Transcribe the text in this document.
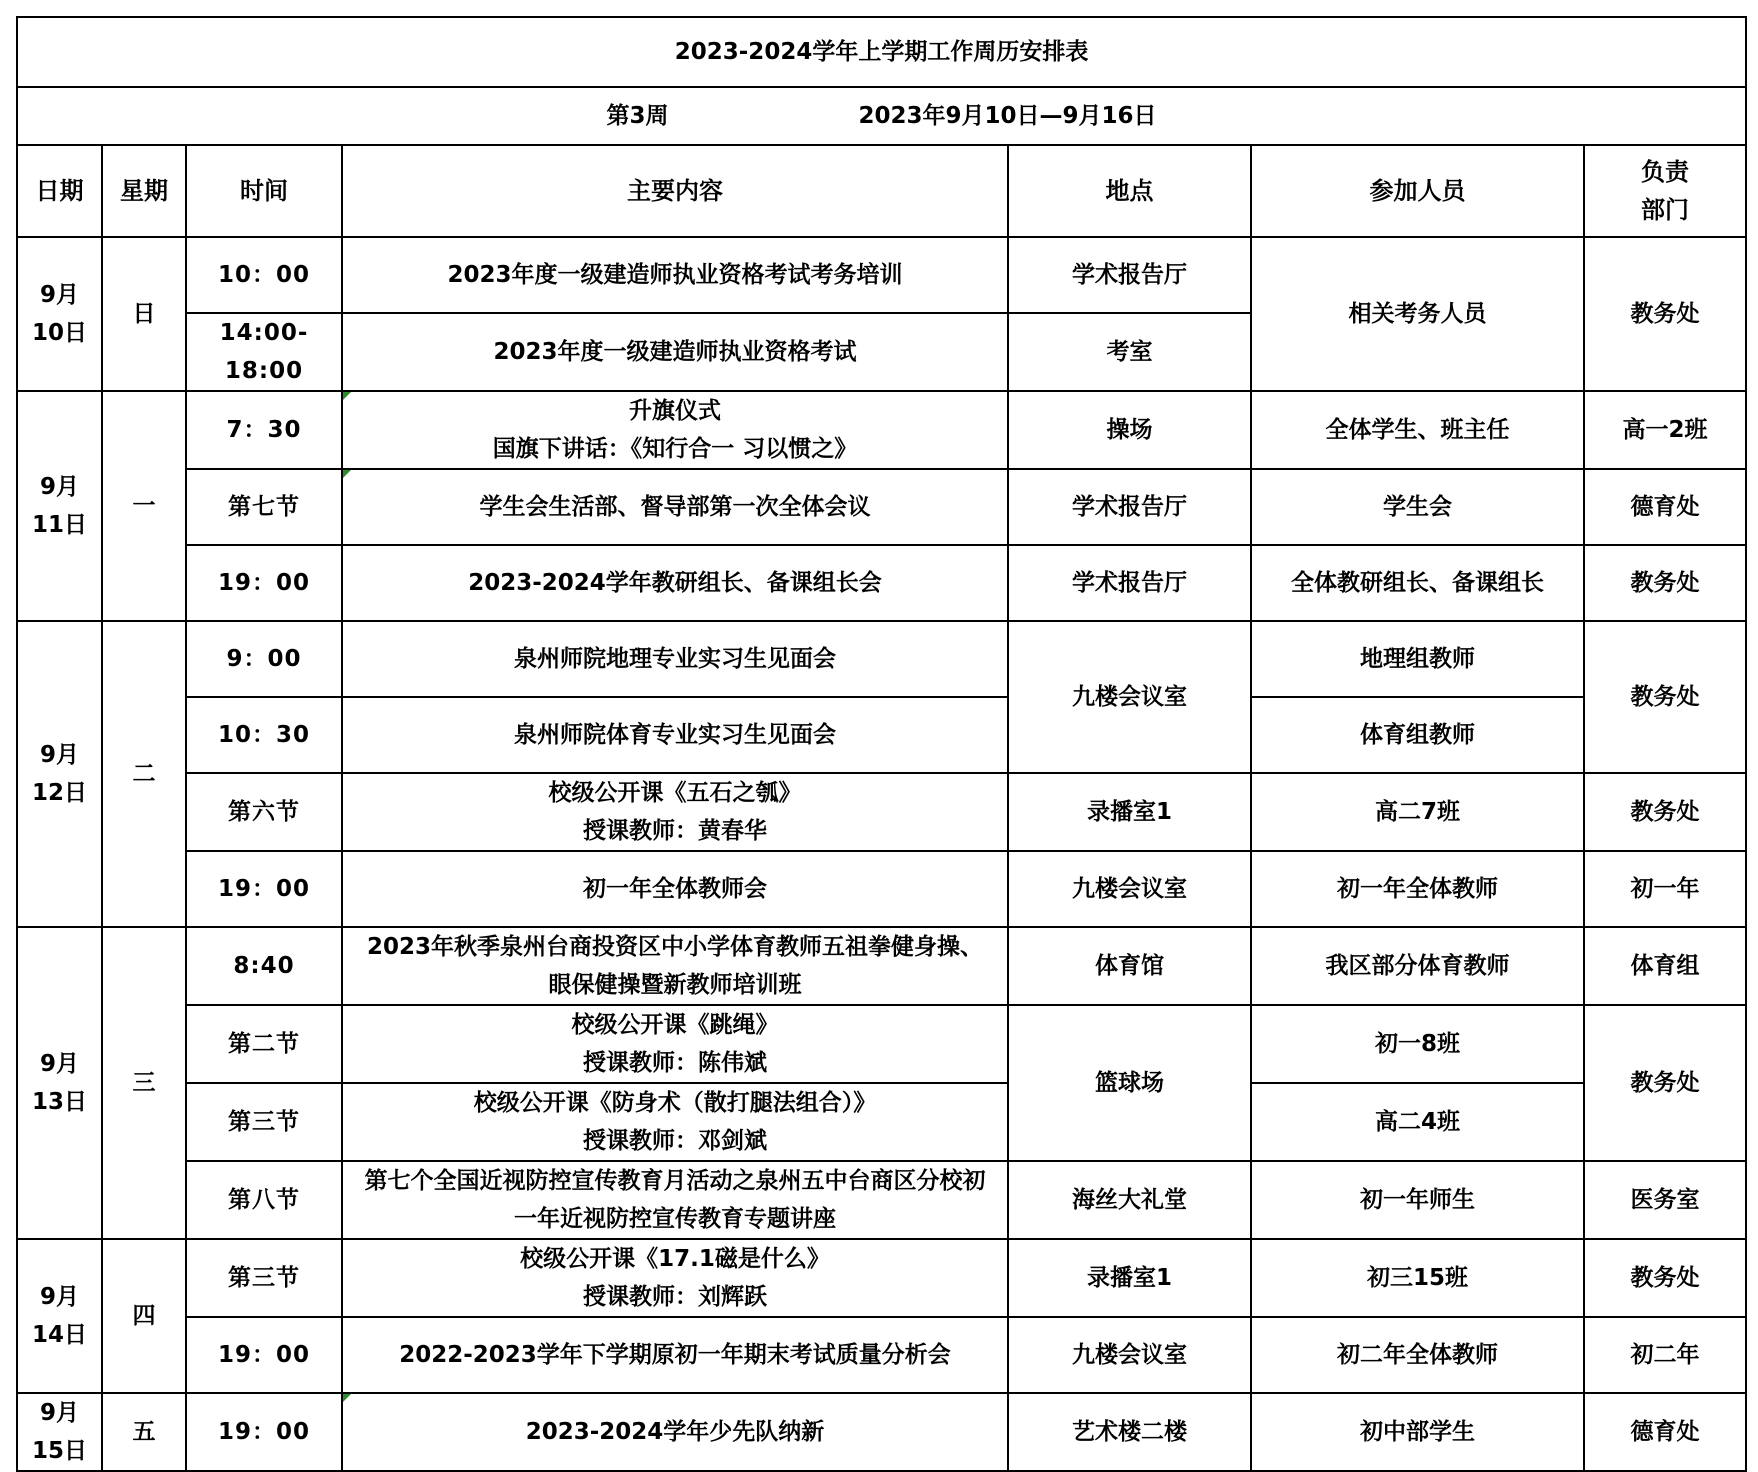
2023-2024学年上学期工作周历安排表						
第3周 2023年9月10日—9月16日						
日期	星期	时间	主要内容	地点	参加人员	负责
部门

9月
10日	日	10：00	2023年度一级建造师执业资格考试考务培训	学术报告厅	相关考务人员	教务处
		14:00-18:00	2023年度一级建造师执业资格考试	考室		

9月
11日	一	7：30	升旗仪式
国旗下讲话：《知行合一 习以惯之》	操场	全体学生、班主任	高一2班
		第七节	学生会生活部、督导部第一次全体会议	学术报告厅	学生会	德育处
		19：00	2023-2024学年教研组长、备课组长会	学术报告厅	全体教研组长、备课组长	教务处

9月
12日	二	9：00	泉州师院地理专业实习生见面会	九楼会议室	地理组教师	教务处
		10：30	泉州师院体育专业实习生见面会		体育组教师	
		第六节	校级公开课《五石之瓠》
授课教师：黄春华	录播室1	高二7班	教务处
		19：00	初一年全体教师会	九楼会议室	初一年全体教师	初一年

9月
13日	三	8:40	2023年秋季泉州台商投资区中小学体育教师五祖拳健身操、
眼保健操暨新教师培训班	体育馆	我区部分体育教师	体育组
		第二节	校级公开课《跳绳》
授课教师：陈伟斌	篮球场	初一8班	教务处
		第三节	校级公开课《防身术（散打腿法组合）》
授课教师：邓剑斌		高二4班	
		第八节	第七个全国近视防控宣传教育月活动之泉州五中台商区分校初
一年近视防控宣传教育专题讲座	海丝大礼堂	初一年师生	医务室

9月
14日	四	第三节	校级公开课《17.1磁是什么》
授课教师：刘辉跃	录播室1	初三15班	教务处
		19：00	2022-2023学年下学期原初一年期末考试质量分析会	九楼会议室	初二年全体教师	初二年

9月
15日	五	19：00	2023-2024学年少先队纳新	艺术楼二楼	初中部学生	德育处
